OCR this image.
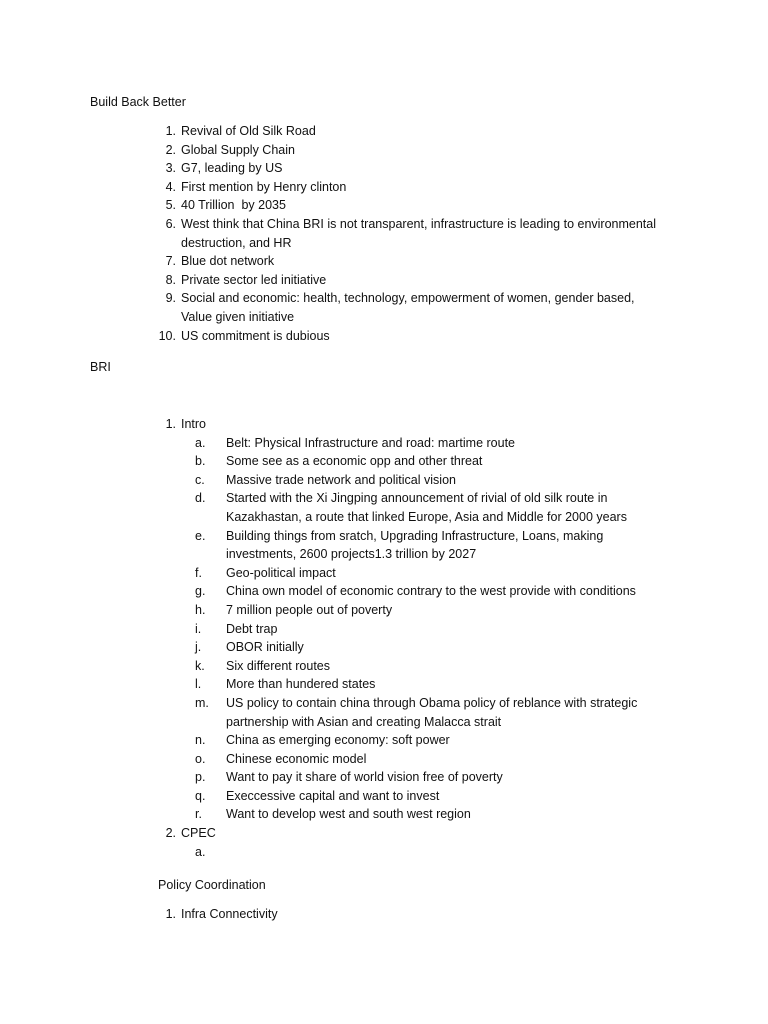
Build Back Better
1. Revival of Old Silk Road
2. Global Supply Chain
3. G7, leading by US
4. First mention by Henry clinton
5. 40 Trillion  by 2035
6. West think that China BRI is not transparent, infrastructure is leading to environmental destruction, and HR
7. Blue dot network
8. Private sector led initiative
9. Social and economic: health, technology, empowerment of women, gender based, Value given initiative
10. US commitment is dubious
BRI
1. Intro
a.	Belt: Physical Infrastructure and road: martime route
b.	Some see as a economic opp and other threat
c.	Massive trade network and political vision
d.	Started with the Xi Jingping announcement of rivial of old silk route in Kazakhastan, a route that linked Europe, Asia and Middle for 2000 years
e.	Building things from sratch, Upgrading Infrastructure, Loans, making investments, 2600 projects1.3 trillion by 2027
f.	Geo-political impact
g.	China own model of economic contrary to the west provide with conditions
h.	7 million people out of poverty
i.	Debt trap
j.	OBOR initially
k.	Six different routes
l.	More than hundered states
m.	US policy to contain china through Obama policy of reblance with strategic partnership with Asian and creating Malacca strait
n.	China as emerging economy: soft power
o.	Chinese economic model
p.	Want to pay it share of world vision free of poverty
q.	Execcessive capital and want to invest
r.	Want to develop west and south west region
2. CPEC
a.
Policy Coordination
1. Infra Connectivity
